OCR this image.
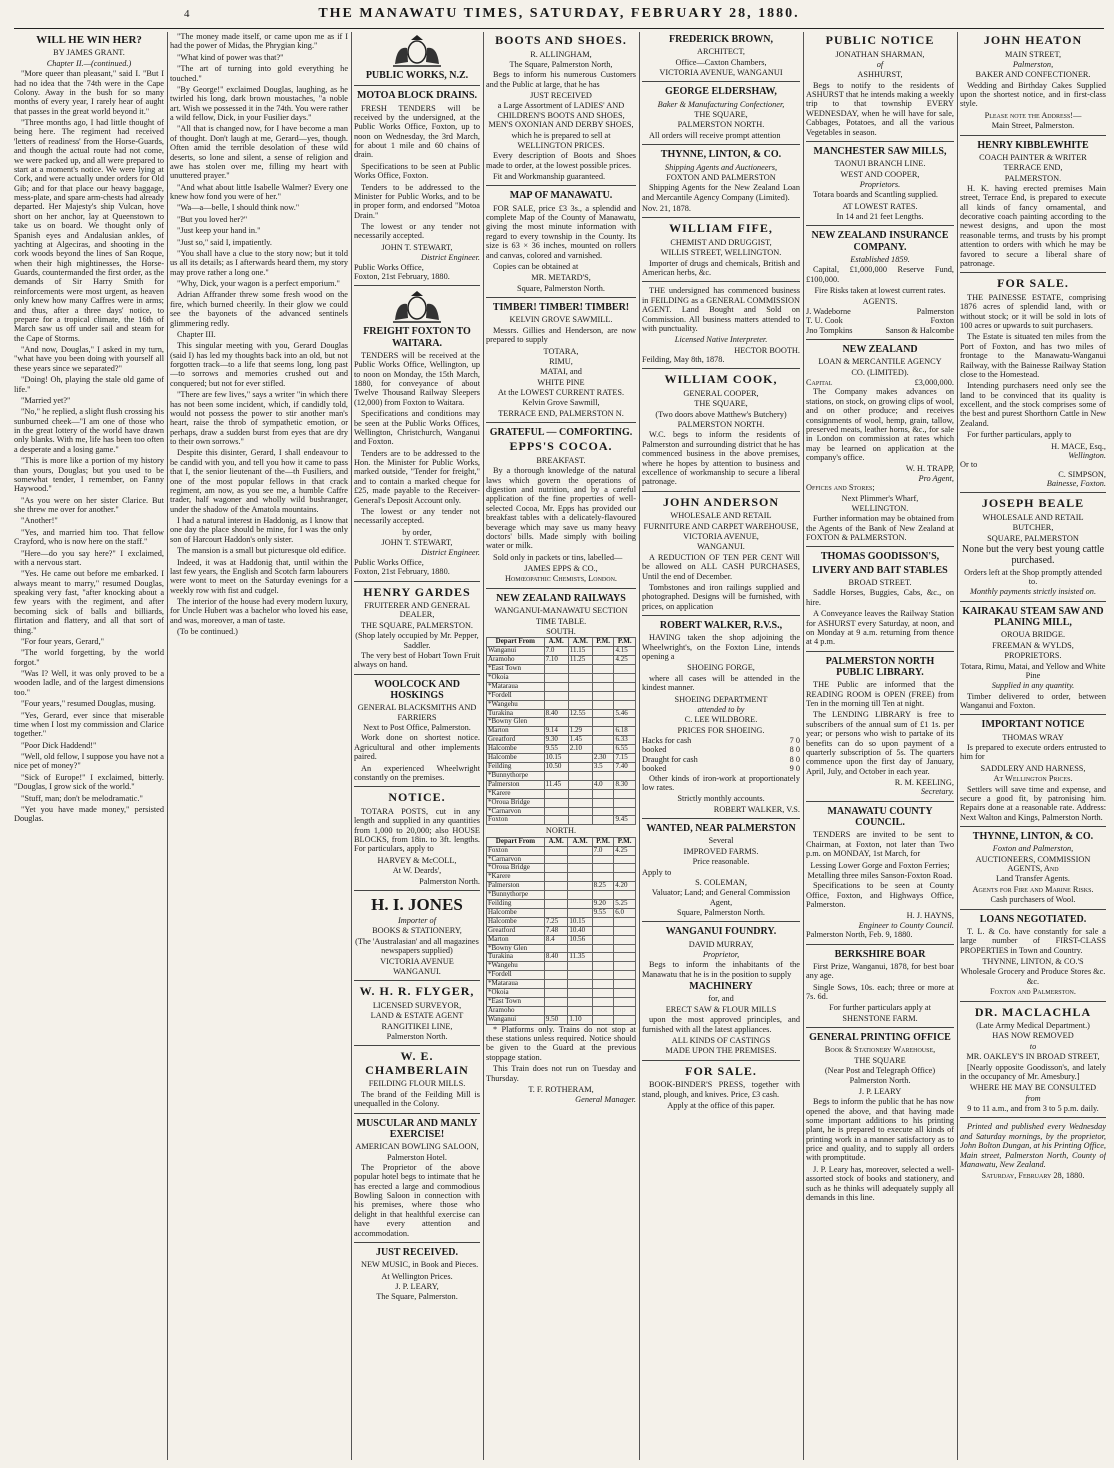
4	THE MANAWATU TIMES, SATURDAY, FEBRUARY 28, 1880.
WILL HE WIN HER?
BY JAMES GRANT.
Chapter II.—(continued.)

"More queer than pleasant," said I. "But I had no idea that the 74th were in the Cape Colony. Away in the bush for so many months of every year, I rarely hear of aught that passes in the great world beyond it."

"Three months ago, I had little thought of being here. The regiment had received 'letters of readiness' from the Horse-Guards, and though the actual route had not come, we were packed up, and all were prepared to start at a moment's notice. We were lying at Cork, and were actually under orders for Old Gib; and for that place our heavy baggage, mess-plate, and spare arm-chests had already departed. Her Majesty's ship Vulcan, hove short on her anchor, lay at Queenstown to take us on board. We thought only of Spanish eyes and Andalusian ankles, of yachting at Algeciras, and shooting in the cork woods beyond the lines of San Roque, when their high mightinesses, the Horse-Guards, countermanded the first order, as the demands of Sir Harry Smith for reinforcements were most urgent, as heaven only knew how many Caffres were in arms; and thus, after a three days' notice, to prepare for a tropical climate, the 16th of March saw us off under sail and steam for the Cape of Storms.

"And now, Douglas," I asked in my turn, "what have you been doing with yourself all these years since we separated?"

"Doing! Oh, playing the stale old game of life."

"Married yet?"

"No," he replied, a slight flush crossing his sunburned cheek—"I am one of those who in the great lottery of the world have drawn only blanks. With me, life has been too often a desperate and a losing game."

"This is more like a portion of my history than yours, Douglas; but you used to be somewhat tender, I remember, on Fanny Haywood."

"As you were on her sister Clarice. But she threw me over for another."

"Another!"

"Yes, and married him too. That fellow Crayford, who is now here on the staff."

"Here—do you say here?" I exclaimed, with a nervous start.

"Yes. He came out before me embarked. I always meant to marry," resumed Douglas, speaking very fast, "after knocking about a few years with the regiment, and after becoming sick of balls and billiards, flirtation and flattery, and all that sort of thing."

"For four years, Gerard,"

"The world forgetting, by the world forgot."

"Was I? Well, it was only proved to be a wooden ladle, and of the largest dimensions too."

"Four years," resumed Douglas, musing.

"Yes, Gerard, ever since that miserable time when I lost my commission and Clarice together."

"Poor Dick Haddend!"

"Well, old fellow, I suppose you have not a nice pet of money?"

"Sick of Europe!" I exclaimed, bitterly. "Douglas, I grow sick of the world."

"Stuff, man; don't be melodramatic."

"Yet you have made money," persisted Douglas.

"The money made itself, or came upon me as if I had the power of Midas, the Phrygian king."

"What kind of power was that?"

"The art of turning into gold everything he touched."

"By George!" exclaimed Douglas, laughing, as he twirled his long, dark brown moustaches, "a noble art. Wish we possessed it in the 74th. You were rather a wild fellow, Dick, in your Fusilier days."

"All that is changed now, for I have become a man of thought. Don't laugh at me, Gerard—yes, though. Often amid the terrible desolation of these wild deserts, so lone and silent, a sense of religion and awe has stolen over me, filling my heart with unuttered prayer."

"And what about little Isabelle Walmer? Every one knew how fond you were of her."

"Wa—a—belle, I should think now."

"But you loved her?"

"Just keep your hand in."

"Just so," said I, impatiently.

"You shall have a clue to the story now; but it told us all its details; as I afterwards heard them, my story may prove rather a long one."

"Why, Dick, your wagon is a perfect emporium."

Adrian Affrander threw some fresh wood on the fire, which burned cheerily. In their glow we could see the bayonets of the advanced sentinels glimmering redly.

Chapter III.

This singular meeting with you, Gerard Douglas (said I) has led my thoughts back into an old, but not forgotten track—to a life that seems long, long past—to sorrows and memories crushed out and conquered; but not for ever stifled.

"There are few lives," says a writer "in which there has not been some incident, which, if candidly told, would not possess the power to stir another man's heart, raise the throb of sympathetic emotion, or perhaps, draw a sudden burst from eyes that are dry to their own sorrows."

Despite this disinter, Gerard, I shall endeavour to be candid with you, and tell you how it came to pass that I, the senior lieutenant of the—th Fusiliers, and one of the most popular fellows in that crack regiment, am now, as you see me, a humble Caffre trader, half wagoner and wholly wild bushranger, under the shadow of the Amatola mountains.

I had a natural interest in Haddonig, as I know that one day the place should be mine, for I was the only son of Harcourt Haddon's only sister.

The mansion is a small but picturesque old edifice.

Indeed, it was at Haddonig that, until within the last few years, the English and Scotch farm labourers were wont to meet on the Saturday evenings for a weekly row with fist and cudgel.

The interior of the house had every modern luxury, for Uncle Hubert was a bachelor who loved his ease, and was, moreover, a man of taste.

(To be continued.)

PUBLIC WORKS, N.Z.
MOTOA BLOCK DRAINS.

FRESH TENDERS will be received by the undersigned, at the Public Works Office, Foxton, up to noon on Wednesday, the 3rd March, for about 1 mile and 60 chains of drain.

Specifications to be seen at Public Works Office, Foxton.

Tenders to be addressed to the Minister for Public Works, and to be in proper form, and endorsed "Motoa Drain."

The lowest or any tender not necessarily accepted.

JOHN T. STEWART,
District Engineer.
Public Works Office,
Foxton, 21st February, 1880.
FREIGHT FOXTON TO WAITARA.

TENDERS will be received at the Public Works Office, Wellington, up to noon on Monday, the 15th March, 1880, for conveyance of about Twelve Thousand Railway Sleepers (12,000) from Foxton to Waitara.

Specifications and conditions may be seen at the Public Works Offices, Wellington, Christchurch, Wanganui and Foxton.

Tenders are to be addressed to the Hon. the Minister for Public Works, marked outside, "Tender for freight," and to contain a marked cheque for £25, made payable to the Receiver-General's Deposit Account only.

The lowest or any tender not necessarily accepted.

by order,
JOHN T. STEWART,
District Engineer.
Public Works Office,
Foxton, 21st February, 1880.
HENRY GARDES
FRUITERER AND GENERAL DEALER,
THE SQUARE, PALMERSTON.
(Shop lately occupied by Mr. Pepper, Saddler.

The very best of Hobart Town Fruit always on hand.

WOOLCOCK AND HOSKINGS
GENERAL BLACKSMITHS AND FARRIERS
Next to Post Office, Palmerston.

Work done on shortest notice. Agricultural and other implements paired.

An experienced Wheelwright constantly on the premises.

NOTICE.

TOTARA POSTS, cut in any length and supplied in any quantities from 1,000 to 20,000; also HOUSE BLOCKS, from 18in. to 3ft. lengths. For particulars, apply to

HARVEY & McCOLL,
At W. Deards',
Palmerston North.
H. I. JONES
Importer of
BOOKS & STATIONERY,
(The 'Australasian' and all magazines newspapers supplied)
VICTORIA AVENUE
WANGANUI.
W. H. R. FLYGER,
LICENSED SURVEYOR,
LAND & ESTATE AGENT
RANGITIKEI LINE,
Palmerston North.
W. E. CHAMBERLAIN
FEILDING FLOUR MILLS.

The brand of the Feilding Mill is unequalled in the Colony.

MUSCULAR AND MANLY EXERCISE!
AMERICAN BOWLING SALOON,
Palmerston Hotel.

The Proprietor of the above popular hotel begs to intimate that he has erected a large and commodious Bowling Saloon in connection with his premises, where those who delight in that healthful exercise can have every attention and accommodation.

JUST RECEIVED.

NEW MUSIC, in Book and Pieces.

At Wellington Prices.
J. P. LEARY,
The Square, Palmerston.
BOOTS AND SHOES.
R. ALLINGHAM,
The Square, Palmerston North,

Begs to inform his numerous Customers and the Public at large, that he has

JUST RECEIVED
a Large Assortment of LADIES' AND CHILDREN'S BOOTS AND SHOES, MEN'S OXONIAN AND DERBY SHOES,
which he is prepared to sell at
WELLINGTON PRICES.

Every description of Boots and Shoes made to order, at the lowest possible prices.

Fit and Workmanship guaranteed.

MAP OF MANAWATU.

FOR SALE, price £3 3s., a splendid and complete Map of the County of Manawatu, giving the most minute information with regard to every township in the County. Its size is 63 × 36 inches, mounted on rollers and canvas, colored and varnished.

Copies can be obtained at

MR. METARD'S,
Square, Palmerston North.
TIMBER! TIMBER! TIMBER!
KELVIN GROVE SAWMILL.

Messrs. Gillies and Henderson, are now prepared to supply

TOTARA,
RIMU,
MATAI, and
WHITE PINE
At the LOWEST CURRENT RATES.
Kelvin Grove Sawmill,
TERRACE END, PALMERSTON N.
GRATEFUL — COMFORTING.
EPPS'S COCOA.
BREAKFAST.

By a thorough knowledge of the natural laws which govern the operations of digestion and nutrition, and by a careful application of the fine properties of well-selected Cocoa, Mr. Epps has provided our breakfast tables with a delicately-flavoured beverage which may save us many heavy doctors' bills. Made simply with boiling water or milk.

Sold only in packets or tins, labelled—

JAMES EPPS & CO.,
Homœopathic Chemists, London.
NEW ZEALAND RAILWAYS
WANGANUI-MANAWATU SECTION
TIME TABLE.
SOUTH.
Depart From	A.M.	A.M.	P.M.	P.M.
Wanganui	7.0	11.15		4.15
Aramoho	7.10	11.25		4.25
*East Town				
*Okoia				
*Mataraua				
*Fordell				
*Wangehu				
Turakina	8.40	12.55		5.46
*Bowny Glen				
Marton	9.14	1.29		6.18
Greatford	9.30	1.45		6.33
Halcombe	9.55	2.10		6.55
Halcombe	10.15		2.30	7.15
Feilding	10.50		3.5	7.40
*Bunnythorpe				
Palmerston	11.45		4.0	8.30
*Karere				
*Oroua Bridge				
*Carnarvon				
Foxton				9.45
NORTH.
Depart From	A.M.	A.M.	P.M.	P.M.
Foxton			7.0	4.25
*Carnarvon				
*Oroua Bridge				
*Karere				
Palmerston			8.25	4.20
*Bunnythorpe				
Feilding			9.20	5.25
Halcombe			9.55	6.0
Halcombe	7.25	10.15		
Greatford	7.48	10.40		
Marton	8.4	10.56		
*Bowny Glen				
Turakina	8.40	11.35		
*Wangehu				
*Fordell				
*Mataraua				
*Okoia				
*East Town				
Aramoho				
Wanganui	9.50	1.10		

* Platforms only. Trains do not stop at these stations unless required. Notice should be given to the Guard at the previous stoppage station.

This Train does not run on Tuesday and Thursday.

T. F. ROTHERAM,
General Manager.
FREDERICK BROWN,
ARCHITECT,
Office—Caxton Chambers,
VICTORIA AVENUE, WANGANUI
GEORGE ELDERSHAW,
Baker & Manufacturing Confectioner,
THE SQUARE,
PALMERSTON NORTH.

All orders will receive prompt attention

THYNNE, LINTON, & CO.
Shipping Agents and Auctioneers,
FOXTON AND PALMERSTON

Shipping Agents for the New Zealand Loan and Mercantile Agency Company (Limited).

Nov. 21, 1878.
WILLIAM FIFE,
CHEMIST AND DRUGGIST,
WILLIS STREET, WELLINGTON.

Importer of drugs and chemicals, British and American herbs, &c.

THE undersigned has commenced business in FEILDING as a GENERAL COMMISSION AGENT. Land Bought and Sold on Commission. All business matters attended to with punctuality.

Licensed Native Interpreter.
HECTOR BOOTH.
Feilding, May 8th, 1878.
WILLIAM COOK,
GENERAL COOPER,
THE SQUARE,
(Two doors above Matthew's Butchery)
PALMERSTON NORTH.

W.C. begs to inform the residents of Palmerston and surrounding district that he has commenced business in the above premises, where he hopes by attention to business and excellence of workmanship to secure a liberal patronage.

JOHN ANDERSON
WHOLESALE AND RETAIL
FURNITURE AND CARPET WAREHOUSE,
VICTORIA AVENUE,
WANGANUI.

A REDUCTION OF TEN PER CENT Will be allowed on ALL CASH PURCHASES, Until the end of December.

Tombstones and iron railings supplied and photographed. Designs will be furnished, with prices, on application

ROBERT WALKER, R.V.S.,

HAVING taken the shop adjoining the Wheelwright's, on the Foxton Line, intends opening a

SHOEING FORGE,

where all cases will be attended in the kindest manner.

SHOEING DEPARTMENT
attended to by
C. LEE WILDBORE.
PRICES FOR SHOEING.
Hacks for cash	7 0
booked	8 0
Draught for cash	8 0
booked	9 0

Other kinds of iron-work at proportionately low rates.

Strictly monthly accounts.
ROBERT WALKER, V.S.
WANTED, NEAR PALMERSTON
Several
IMPROVED FARMS.
Price reasonable.
Apply to
S. COLEMAN,
Valuator; Land; and General Commission Agent,
Square, Palmerston North.
WANGANUI FOUNDRY.
DAVID MURRAY,
Proprietor,

Begs to inform the inhabitants of the Manawatu that he is in the position to supply

MACHINERY
for, and
ERECT SAW & FLOUR MILLS

upon the most approved principles, and furnished with all the latest appliances.

ALL KINDS OF CASTINGS
MADE UPON THE PREMISES.
FOR SALE.

BOOK-BINDER'S PRESS, together with stand, plough, and knives. Price, £3 cash.

Apply at the office of this paper.
PUBLIC NOTICE
JONATHAN SHARMAN,
of
ASHHURST,

Begs to notify to the residents of ASHURST that he intends making a weekly trip to that township EVERY WEDNESDAY, when he will have for sale, Cabbages, Potatoes, and all the various Vegetables in season.

MANCHESTER SAW MILLS,
TAONUI BRANCH LINE.
WEST AND COOPER,
Proprietors.

Totara boards and Scantling supplied.

AT LOWEST RATES.
In 14 and 21 feet Lengths.
NEW ZEALAND INSURANCE COMPANY.
Established 1859.

Capital, £1,000,000 Reserve Fund, £100,000.

Fire Risks taken at lowest current rates.
AGENTS.
J. Wadeborne	Palmerston
T. U. Cook	Foxton
Jno Tompkins	Sanson & Halcombe
NEW ZEALAND
LOAN & MERCANTILE AGENCY
CO. (LIMITED).
Capital	£3,000,000.

The Company makes advances on stations, on stock, on growing clips of wool, and on other produce; and receives consignments of wool, hemp, grain, tallow, preserved meats, leather horns, &c., for sale in London on commission at rates which may be learned on application at the company's office.

W. H. TRAPP,
Pro Agent,
Offices and Stores;
Next Plimmer's Wharf,
WELLINGTON.

Further information may be obtained from the Agents of the Bank of New Zealand at FOXTON & PALMERSTON.

THOMAS GOODISSON'S,
LIVERY AND BAIT STABLES
BROAD STREET.

Saddle Horses, Buggies, Cabs, &c., on hire.

A Conveyance leaves the Railway Station for ASHURST every Saturday, at noon, and on Monday at 9 a.m. returning from thence at 4 p.m.

PALMERSTON NORTH PUBLIC LIBRARY.

THE Public are informed that the READING ROOM is OPEN (FREE) from Ten in the morning till Ten at night.

The LENDING LIBRARY is free to subscribers of the annual sum of £1 1s. per year; or persons who wish to partake of its benefits can do so upon payment of a quarterly subscription of 5s. The quarters commence upon the first day of January, April, July, and October in each year.

R. M. KEELING,
Secretary.
MANAWATU COUNTY COUNCIL.

TENDERS are invited to be sent to Chairman, at Foxton, not later than Two p.m. on MONDAY, 1st March, for

Lessing Lower Gorge and Foxton Ferries;
Metalling three miles Sanson-Foxton Road.

Specifications to be seen at County Office, Foxton, and Highways Office, Palmerston.

H. J. HAYNS,
Engineer to County Council.
Palmerston North, Feb. 9, 1880.
BERKSHIRE BOAR

First Prize, Wanganui, 1878, for best boar any age.

Single Sows, 10s. each; three or more at 7s. 6d.

For further particulars apply at
SHENSTONE FARM.
GENERAL PRINTING OFFICE
Book & Stationery Warehouse,
THE SQUARE
(Near Post and Telegraph Office)
Palmerston North.
J. P. LEARY

Begs to inform the public that he has now opened the above, and that having made some important additions to his printing plant, he is prepared to execute all kinds of printing work in a manner satisfactory as to price and quality, and to supply all orders with promptitude.

J. P. Leary has, moreover, selected a well-assorted stock of books and stationery, and such as he thinks will adequately supply all demands in this line.

JOHN HEATON
MAIN STREET,
Palmerston,
BAKER AND CONFECTIONER.

Wedding and Birthday Cakes Supplied upon the shortest notice, and in first-class style.

Please note the Address!—
Main Street, Palmerston.
HENRY KIBBLEWHITE
COACH PAINTER & WRITER
TERRACE END,
PALMERSTON.

H. K. having erected premises Main street, Terrace End, is prepared to execute all kinds of fancy ornamental, and decorative coach painting according to the newest designs, and upon the most reasonable terms, and trusts by his prompt attention to orders with which he may be favored to secure a liberal share of patronage.

FOR SALE.

THE PAINESSE ESTATE, comprising 1876 acres of splendid land, with or without stock; or it will be sold in lots of 100 acres or upwards to suit purchasers.

The Estate is situated ten miles from the Port of Foxton, and has two miles of frontage to the Manawatu-Wanganui Railway, with the Bainesse Railway Station close to the Homestead.

Intending purchasers need only see the land to be convinced that its quality is excellent, and the stock comprises some of the best and purest Shorthorn Cattle in New Zealand.

For further particulars, apply to

H. MACE, Esq.,
Wellington.
Or to
C. SIMPSON,
Bainesse, Foxton.
JOSEPH BEALE
WHOLESALE AND RETAIL
BUTCHER,
SQUARE, PALMERSTON
None but the very best young cattle purchased.
Orders left at the Shop promptly attended to.
Monthly payments strictly insisted on.
KAIRAKAU STEAM SAW AND PLANING MILL,
OROUA BRIDGE.
FREEMAN & WYLDS,
PROPRIETORS.
Totara, Rimu, Matai, and Yellow and White Pine
Supplied in any quantity.

Timber delivered to order, between Wanganui and Foxton.

IMPORTANT NOTICE
THOMAS WRAY

Is prepared to execute orders entrusted to him for

SADDLERY AND HARNESS,
At Wellington Prices.

Settlers will save time and expense, and secure a good fit, by patronising him. Repairs done at a reasonable rate. Address: Next Walton and Kings, Palmerston North.

THYNNE, LINTON, & CO.
Foxton and Palmerston,
AUCTIONEERS, COMMISSION AGENTS, And
Land Transfer Agents.
Agents for Fire and Marine Risks.
Cash purchasers of Wool.
LOANS NEGOTIATED.

T. L. & Co. have constantly for sale a large number of FIRST-CLASS PROPERTIES in Town and Country.

THYNNE, LINTON, & CO.'S
Wholesale Grocery and Produce Stores &c. &c.
Foxton and Palmerston.
DR. MACLACHLA
(Late Army Medical Department.)
HAS NOW REMOVED
to
MR. OAKLEY'S IN BROAD STREET,

[Nearly opposite Goodisson's, and lately in the occupancy of Mr. Amesbury.]

WHERE HE MAY BE CONSULTED
from
9 to 11 a.m., and from 3 to 5 p.m. daily.

Printed and published every Wednesday and Saturday mornings, by the proprietor, John Bolton Dungan, at his Printing Office, Main street, Palmerston North, County of Manawatu, New Zealand.

Saturday, February 28, 1880.
